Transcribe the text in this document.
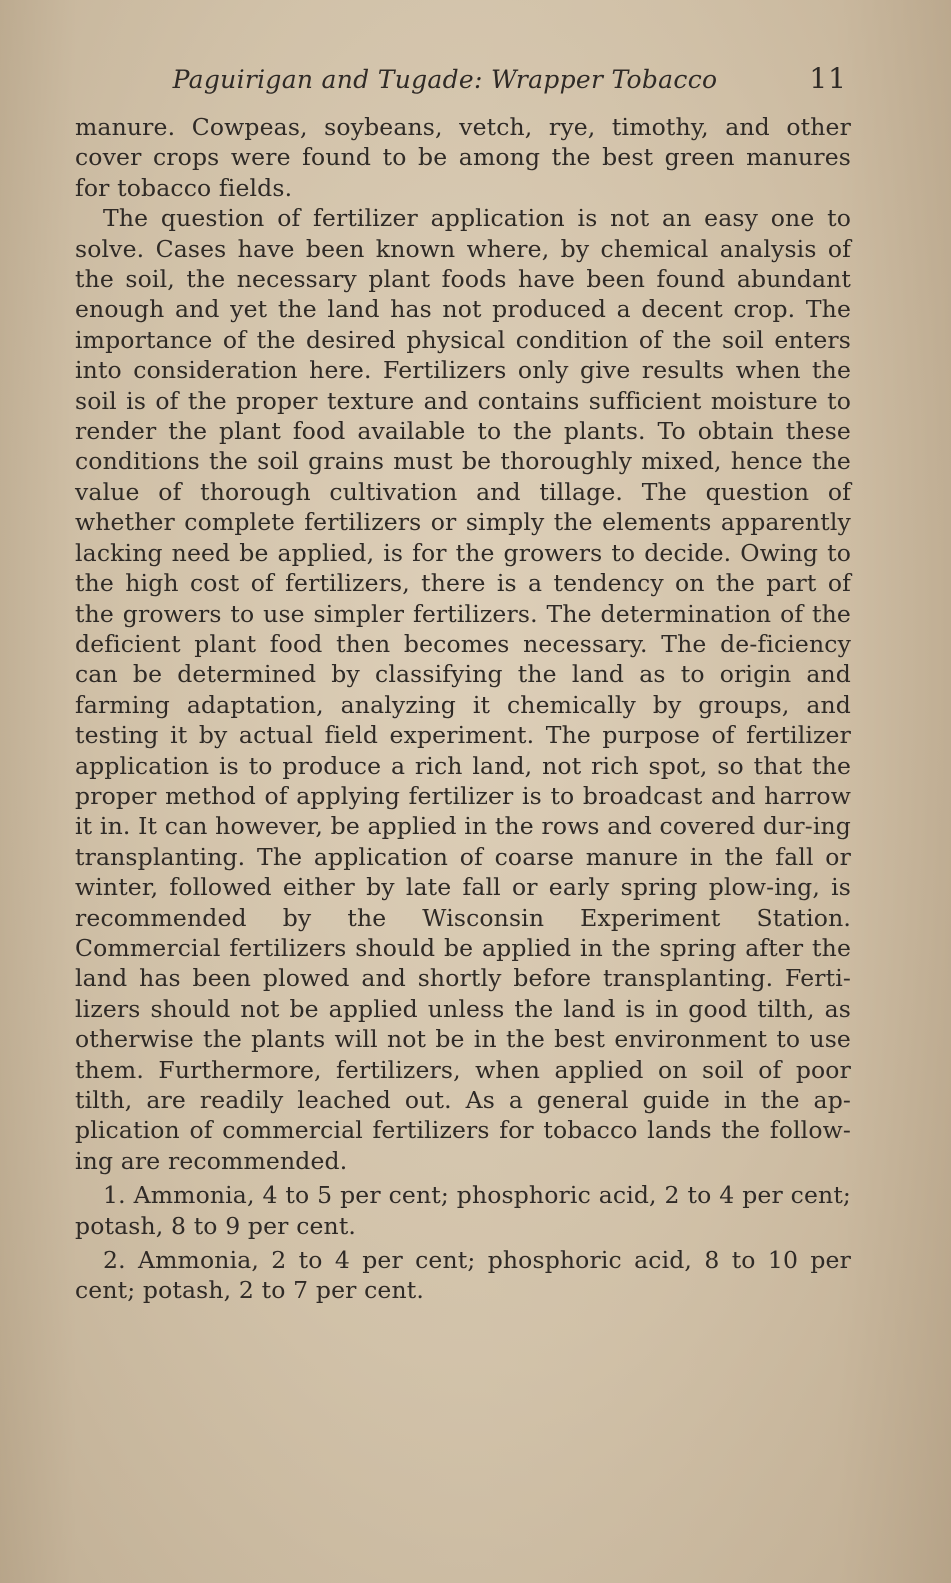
Paguirigan and Tugade: Wrapper Tobacco	11

manure. Cowpeas, soybeans, vetch, rye, timothy, and other cover crops were found to be among the best green manures for tobacco fields.

The question of fertilizer application is not an easy one to solve. Cases have been known where, by chemical analysis of the soil, the necessary plant foods have been found abundant enough and yet the land has not produced a decent crop. The importance of the desired physical condition of the soil enters into consideration here. Fertilizers only give results when the soil is of the proper texture and contains sufficient moisture to render the plant food available to the plants. To obtain these conditions the soil grains must be thoroughly mixed, hence the value of thorough cultivation and tillage. The question of whether complete fertilizers or simply the elements apparently lacking need be applied, is for the growers to decide. Owing to the high cost of fertilizers, there is a tendency on the part of the growers to use simpler fertilizers. The determination of the deficient plant food then becomes necessary. The de-ficiency can be determined by classifying the land as to origin and farming adaptation, analyzing it chemically by groups, and testing it by actual field experiment. The purpose of fertilizer application is to produce a rich land, not rich spot, so that the proper method of applying fertilizer is to broadcast and harrow it in. It can however, be applied in the rows and covered dur-ing transplanting. The application of coarse manure in the fall or winter, followed either by late fall or early spring plow-ing, is recommended by the Wisconsin Experiment Station. Commercial fertilizers should be applied in the spring after the land has been plowed and shortly before transplanting. Ferti-lizers should not be applied unless the land is in good tilth, as otherwise the plants will not be in the best environment to use them. Furthermore, fertilizers, when applied on soil of poor tilth, are readily leached out. As a general guide in the ap-plication of commercial fertilizers for tobacco lands the follow-ing are recommended.

1. Ammonia, 4 to 5 per cent; phosphoric acid, 2 to 4 per cent; potash, 8 to 9 per cent.

2. Ammonia, 2 to 4 per cent; phosphoric acid, 8 to 10 per cent; potash, 2 to 7 per cent.
